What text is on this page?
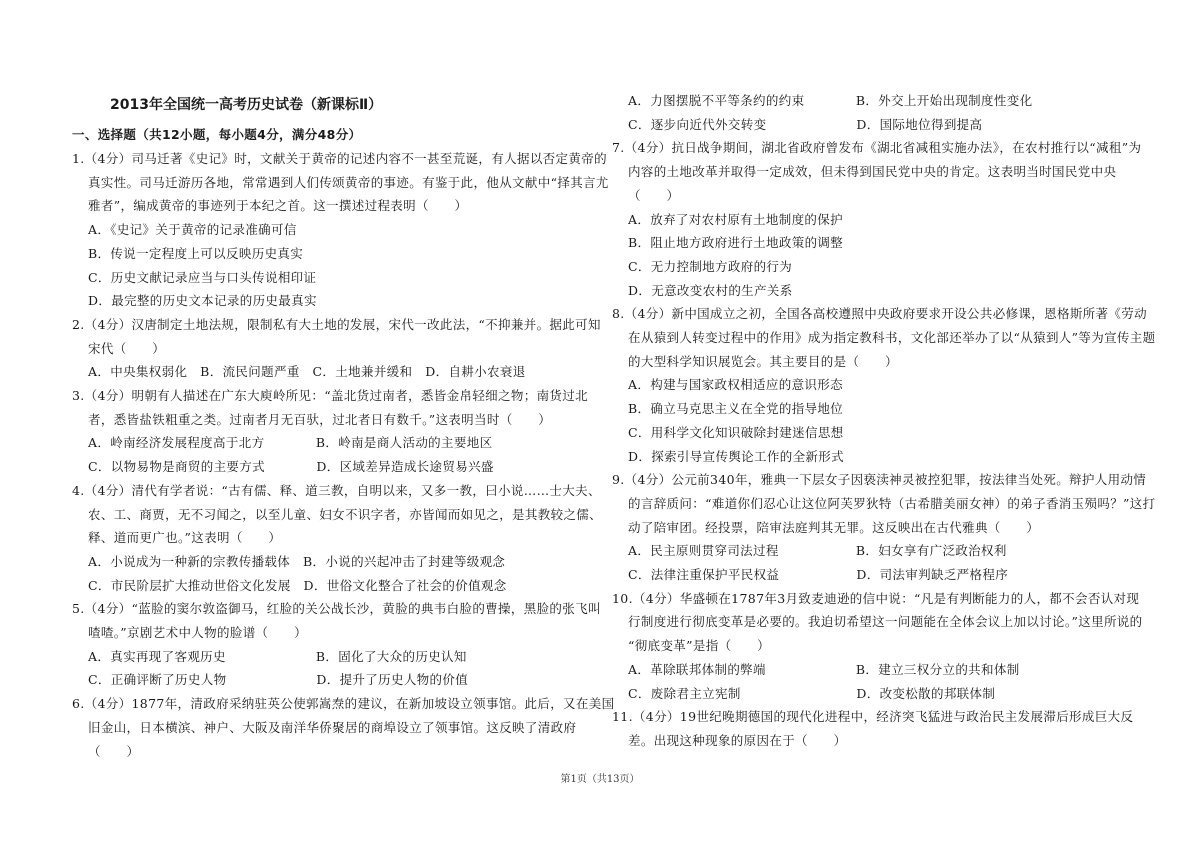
2013年全国统一高考历史试卷（新课标Ⅱ）
一、选择题（共12小题，每小题4分，满分48分）
1.（4分）司马迁著《史记》时，文献关于黄帝的记述内容不一甚至荒诞，有人据以否定黄帝的
真实性。司马迁游历各地，常常遇到人们传颂黄帝的事迹。有鉴于此，他从文献中“择其言尤
雅者”，编成黄帝的事迹列于本纪之首。这一撰述过程表明（　　）
A．《史记》关于黄帝的记录准确可信
B．传说一定程度上可以反映历史真实
C．历史文献记录应当与口头传说相印证
D．最完整的历史文本记录的历史最真实
2.（4分）汉唐制定土地法规，限制私有大土地的发展，宋代一改此法，“不抑兼并。据此可知
宋代（　　）
A．中央集权弱化　B．流民问题严重　C．土地兼并缓和　D．自耕小农衰退
3.（4分）明朝有人描述在广东大庾岭所见：“盖北货过南者，悉皆金帛轻细之物；南货过北
者，悉皆盐铁粗重之类。过南者月无百驮，过北者日有数千。”这表明当时（　　）
A．岭南经济发展程度高于北方　　　　B．岭南是商人活动的主要地区
C．以物易物是商贸的主要方式　　　　D．区域差异造成长途贸易兴盛
4.（4分）清代有学者说：“古有儒、释、道三教，自明以来，又多一教，曰小说……士大夫、
农、工、商贾，无不习闻之，以至儿童、妇女不识字者，亦皆闻而如见之，是其教较之儒、
释、道而更广也。”这表明（　　）
A．小说成为一种新的宗教传播载体　B．小说的兴起冲击了封建等级观念
C．市民阶层扩大推动世俗文化发展　D．世俗文化整合了社会的价值观念
5.（4分）“蓝脸的窦尔敦盗御马，红脸的关公战长沙，黄脸的典韦白脸的曹操，黑脸的张飞叫
喳喳。”京剧艺术中人物的脸谱（　　）
A．真实再现了客观历史　　　　　　　B．固化了大众的历史认知
C．正确评断了历史人物　　　　　　　D．提升了历史人物的价值
6.（4分）1877年，清政府采纳驻英公使郭嵩焘的建议，在新加坡设立领事馆。此后，又在美国
旧金山，日本横滨、神户、大阪及南洋华侨聚居的商埠设立了领事馆。这反映了清政府
（　　）
A．力图摆脱不平等条约的约束　　　　B．外交上开始出现制度性变化
C．逐步向近代外交转变　　　　　　　D．国际地位得到提高
7.（4分）抗日战争期间，湖北省政府曾发布《湖北省减租实施办法》，在农村推行以“减租”为
内容的土地改革并取得一定成效，但未得到国民党中央的肯定。这表明当时国民党中央
（　　）
A．放弃了对农村原有土地制度的保护
B．阻止地方政府进行土地政策的调整
C．无力控制地方政府的行为
D．无意改变农村的生产关系
8.（4分）新中国成立之初，全国各高校遵照中央政府要求开设公共必修课，恩格斯所著《劳动
在从猿到人转变过程中的作用》成为指定教科书，文化部还举办了以“从猿到人”等为宣传主题
的大型科学知识展览会。其主要目的是（　　）
A．构建与国家政权相适应的意识形态
B．确立马克思主义在全党的指导地位
C．用科学文化知识破除封建迷信思想
D．探索引导宣传舆论工作的全新形式
9.（4分）公元前340年，雅典一下层女子因亵渎神灵被控犯罪，按法律当处死。辩护人用动情
的言辞质问：“难道你们忍心让这位阿芙罗狄特（古希腊美丽女神）的弟子香消玉殒吗？”这打
动了陪审团。经投票，陪审法庭判其无罪。这反映出在古代雅典（　　）
A．民主原则贯穿司法过程　　　　　　B．妇女享有广泛政治权利
C．法律注重保护平民权益　　　　　　D．司法审判缺乏严格程序
10.（4分）华盛顿在1787年3月致麦迪逊的信中说：“凡是有判断能力的人，都不会否认对现
行制度进行彻底变革是必要的。我迫切希望这一问题能在全体会议上加以讨论。”这里所说的
“彻底变革”是指（　　）
A．革除联邦体制的弊端　　　　　　　B．建立三权分立的共和体制
C．废除君主立宪制　　　　　　　　　D．改变松散的邦联体制
11.（4分）19世纪晚期德国的现代化进程中，经济突飞猛进与政治民主发展滞后形成巨大反
差。出现这种现象的原因在于（　　）
第1页（共13页）
